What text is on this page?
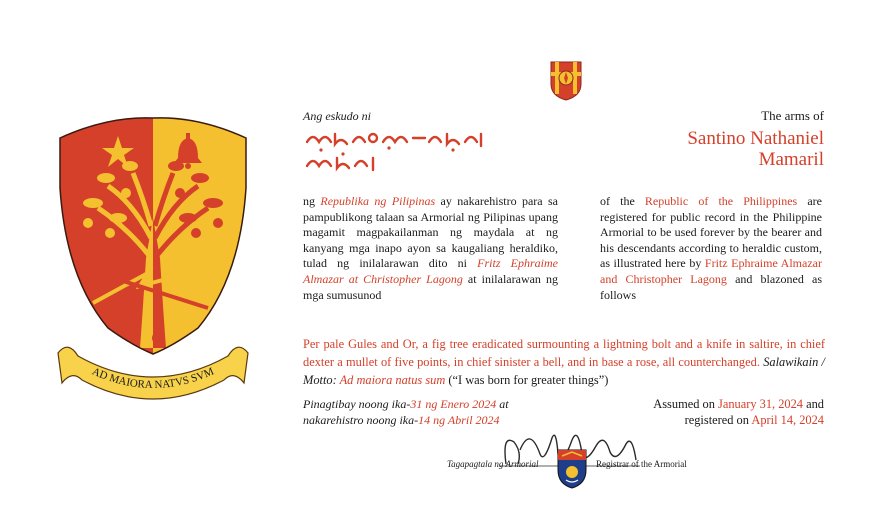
AD MAIORA NATVS SVM
Ang eskudo ni	The arms of
Santino Nathaniel
Mamaril
ng Republika ng Pilipinas ay nakarehistro para sa pampublikong talaan sa Armorial ng Pilipinas upang magamit magpakailanman ng maydala at ng kanyang mga inapo ayon sa kaugaliang heraldiko, tulad ng inilalarawan dito ni Fritz Ephraime Almazar at Christopher Lagong at inilalarawan ng mga sumusunod
of the Republic of the Philippines are registered for public record in the Philippine Armorial to be used forever by the bearer and his descendants according to heraldic custom, as illustrated here by Fritz Ephraime Almazar and Christopher Lagong and blazoned as follows
Per pale Gules and Or, a fig tree eradicated surmounting a lightning bolt and a knife in saltire, in chief dexter a mullet of five points, in chief sinister a bell, and in base a rose, all counterchanged. Salawikain / Motto: Ad maiora natus sum (“I was born for greater things”)
Pinagtibay noong ika-31 ng Enero 2024 at
nakarehistro noong ika-14 ng Abril 2024
Assumed on January 31, 2024 and
registered on April 14, 2024
Tagapagtala ng Armorial	Registrar of the Armorial
